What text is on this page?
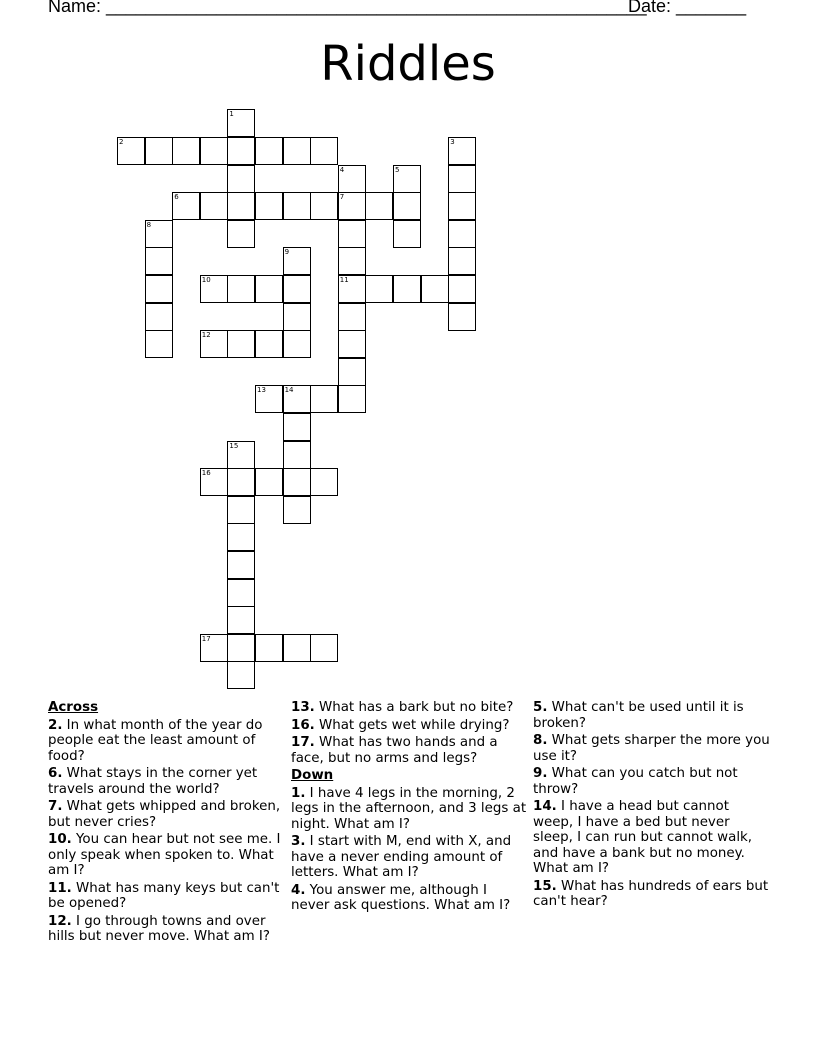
Name: ______________________________________________________
Date: _______
Riddles
1
2	3
4
7
11
5
6
8
9
10
12
13	14
15
16
17
Across
2. In what month of the year do people eat the least amount of food?
6. What stays in the corner yet travels around the world?
7. What gets whipped and broken, but never cries?
10. You can hear but not see me. I only speak when spoken to. What am I?
11. What has many keys but can't be opened?
12. I go through towns and over hills but never move. What am I?
13. What has a bark but no bite?
16. What gets wet while drying?
17. What has two hands and a face, but no arms and legs?
Down
1. I have 4 legs in the morning, 2 legs in the afternoon, and 3 legs at night. What am I?
3. I start with M, end with X, and have a never ending amount of letters. What am I?
4. You answer me, although I never ask questions. What am I?
5. What can't be used until it is broken?
8. What gets sharper the more you use it?
9. What can you catch but not throw?
14. I have a head but cannot weep, I have a bed but never sleep, I can run but cannot walk, and have a bank but no money. What am I?
15. What has hundreds of ears but can't hear?
